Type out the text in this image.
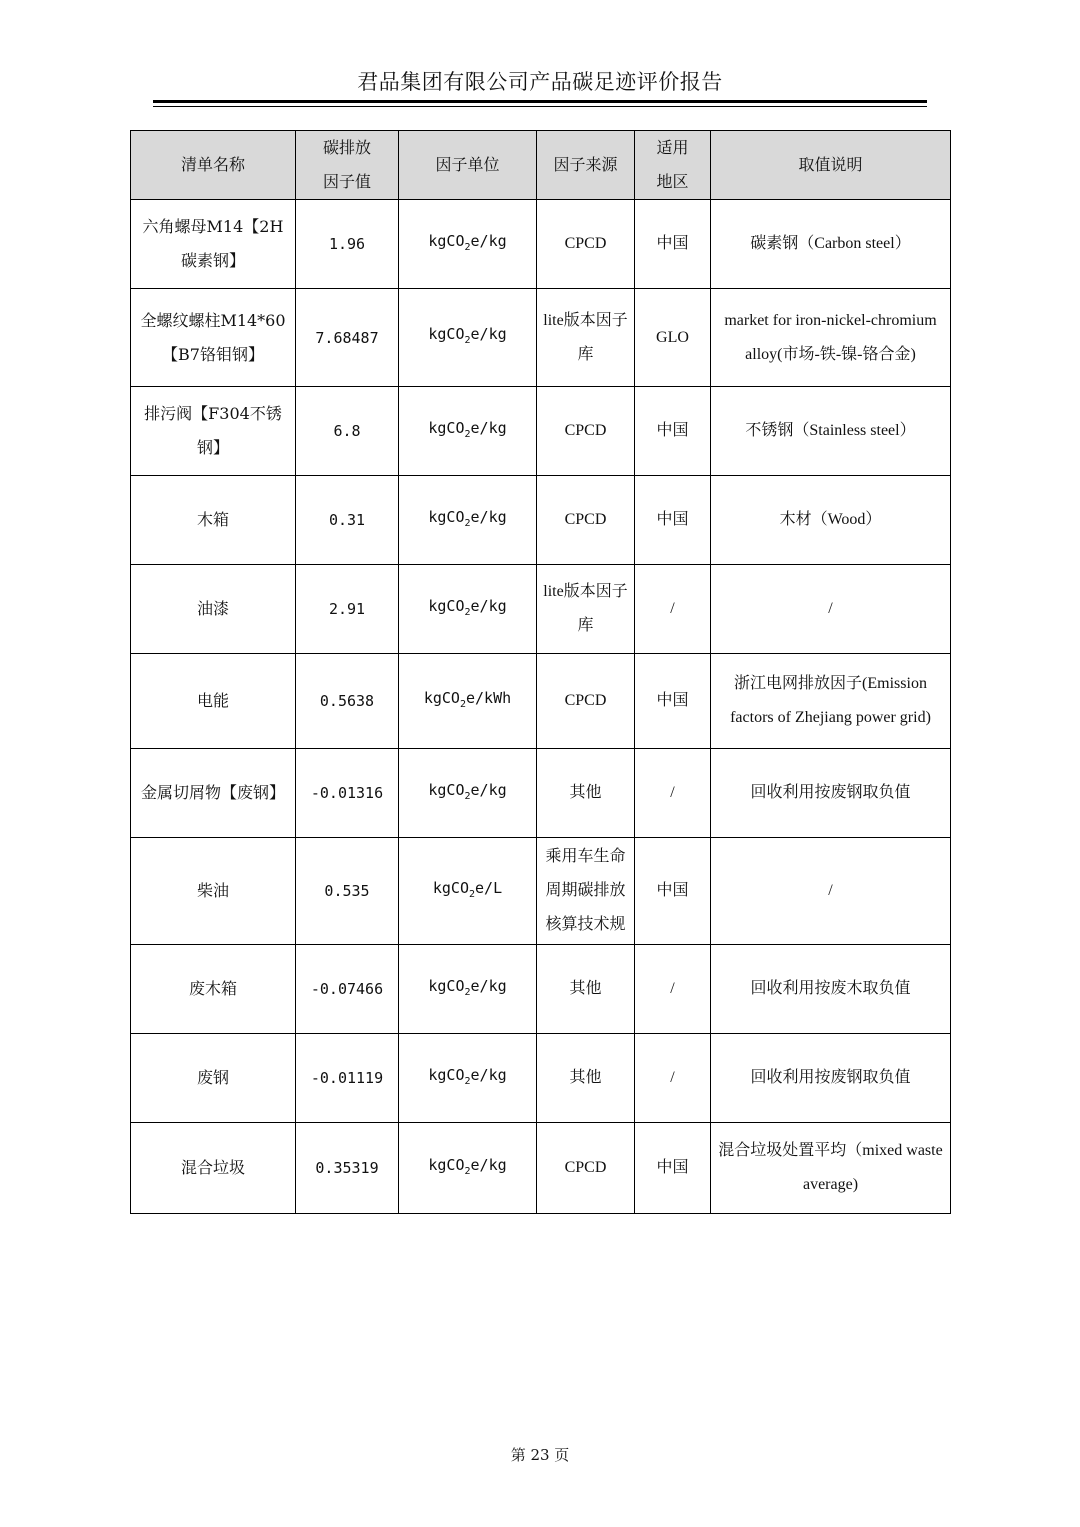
君品集团有限公司产品碳足迹评价报告
清单名称	碳排放因子值	因子单位	因子来源	适用地区	取值说明
六角螺母M14【2H碳素钢】	1.96	kgCO$_2$e/kg	CPCD	中国	碳素钢（Carbon steel）
全螺纹螺柱M14*60【B7铬钼钢】	7.68487	kgCO$_2$e/kg	lite版本因子库	GLO	market for iron-nickel-chromium alloy(市场-铁-镍-铬合金)
排污阀【F304不锈钢】	6.8	kgCO$_2$e/kg	CPCD	中国	不锈钢（Stainless steel）
木箱	0.31	kgCO$_2$e/kg	CPCD	中国	木材（Wood）
油漆	2.91	kgCO$_2$e/kg	lite版本因子库	/	/
电能	0.5638	kgCO$_2$e/kWh	CPCD	中国	浙江电网排放因子(Emission factors of Zhejiang power grid)
金属切屑物【废钢】	-0.01316	kgCO$_2$e/kg	其他	/	回收利用按废钢取负值
柴油	0.535	kgCO$_2$e/L	乘用车生命周期碳排放核算技术规	中国	/
废木箱	-0.07466	kgCO$_2$e/kg	其他	/	回收利用按废木取负值
废钢	-0.01119	kgCO$_2$e/kg	其他	/	回收利用按废钢取负值
混合垃圾	0.35319	kgCO$_2$e/kg	CPCD	中国	混合垃圾处置平均（mixed waste average)
第 23 页
